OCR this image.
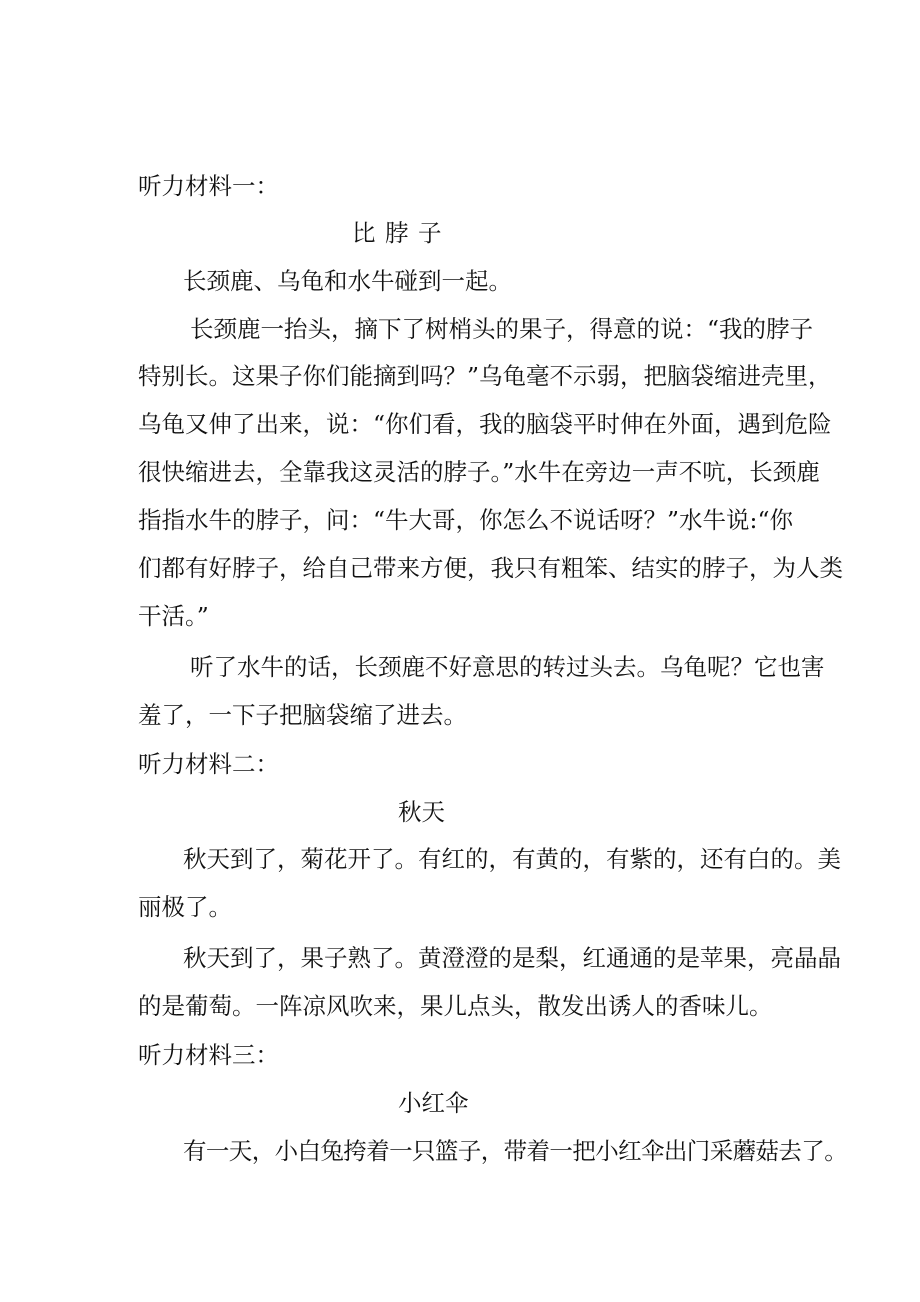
听力材料一：
比 脖 子
长颈鹿、乌龟和水牛碰到一起。
长颈鹿一抬头，摘下了树梢头的果子，得意的说：“我的脖子
特别长。这果子你们能摘到吗？”乌龟毫不示弱，把脑袋缩进壳里，
乌龟又伸了出来，说：“你们看，我的脑袋平时伸在外面，遇到危险
很快缩进去，全靠我这灵活的脖子。”水牛在旁边一声不吭，长颈鹿
指指水牛的脖子，问：“牛大哥，你怎么不说话呀？”水牛说:“你
们都有好脖子，给自己带来方便，我只有粗笨、结实的脖子，为人类
干活。”
听了水牛的话，长颈鹿不好意思的转过头去。乌龟呢？它也害
羞了，一下子把脑袋缩了进去。
听力材料二：
秋天
秋天到了，菊花开了。有红的，有黄的，有紫的，还有白的。美
丽极了。
秋天到了，果子熟了。黄澄澄的是梨，红通通的是苹果，亮晶晶
的是葡萄。一阵凉风吹来，果儿点头，散发出诱人的香味儿。
听力材料三：
小红伞
有一天，小白兔挎着一只篮子，带着一把小红伞出门采蘑菇去了。
